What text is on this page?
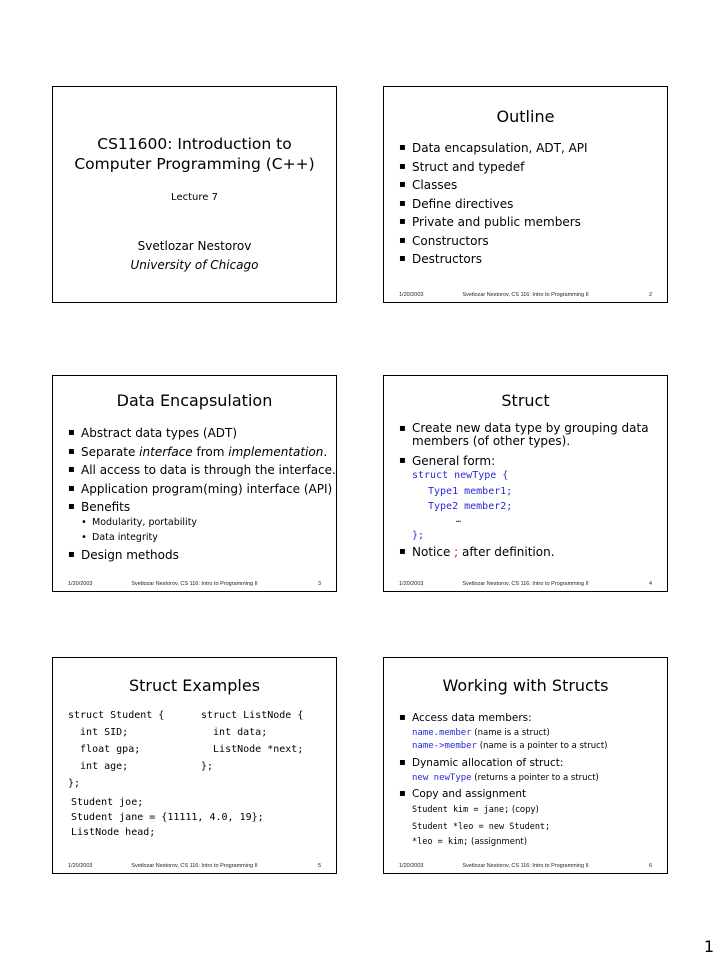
CS11600: Introduction to
Computer Programming (C++)
Lecture 7
Svetlozar Nestorov
University of Chicago
Outline
▪ Data encapsulation, ADT, API
▪ Struct and typedef
▪ Classes
▪ Define directives
▪ Private and public members
▪ Constructors
▪ Destructors
1/20/2003	Svetlozar Nestorov, CS 116: Intro to Programming II	2
Data Encapsulation
▪ Abstract data types (ADT)
▪ Separate interface from implementation.
▪ All access to data is through the interface.
▪ Application program(ming) interface (API)
▪ Benefits
• Modularity, portability
• Data integrity
▪ Design methods
1/20/2003	Svetlozar Nestorov, CS 116: Intro to Programming II	3
Struct
▪ Create new data type by grouping data
members (of other types).
▪ General form:
struct newType {
Type1 member1;
Type2 member2;
…
};
▪ Notice ; after definition.
1/20/2003	Svetlozar Nestorov, CS 116: Intro to Programming II	4
Struct Examples
struct Student {
int SID;
float gpa;
int age;
};
struct ListNode {
int data;
ListNode *next;
};
Student joe;
Student jane = {11111, 4.0, 19};
ListNode head;
1/20/2003	Svetlozar Nestorov, CS 116: Intro to Programming II	5
Working with Structs
▪ Access data members:
name.member (name is a struct)
name->member (name is a pointer to a struct)
▪ Dynamic allocation of struct:
new newType (returns a pointer to a struct)
▪ Copy and assignment
Student kim = jane; (copy)
Student *leo = new Student;
*leo = kim; (assignment)
1/20/2003	Svetlozar Nestorov, CS 116: Intro to Programming II	6
1
